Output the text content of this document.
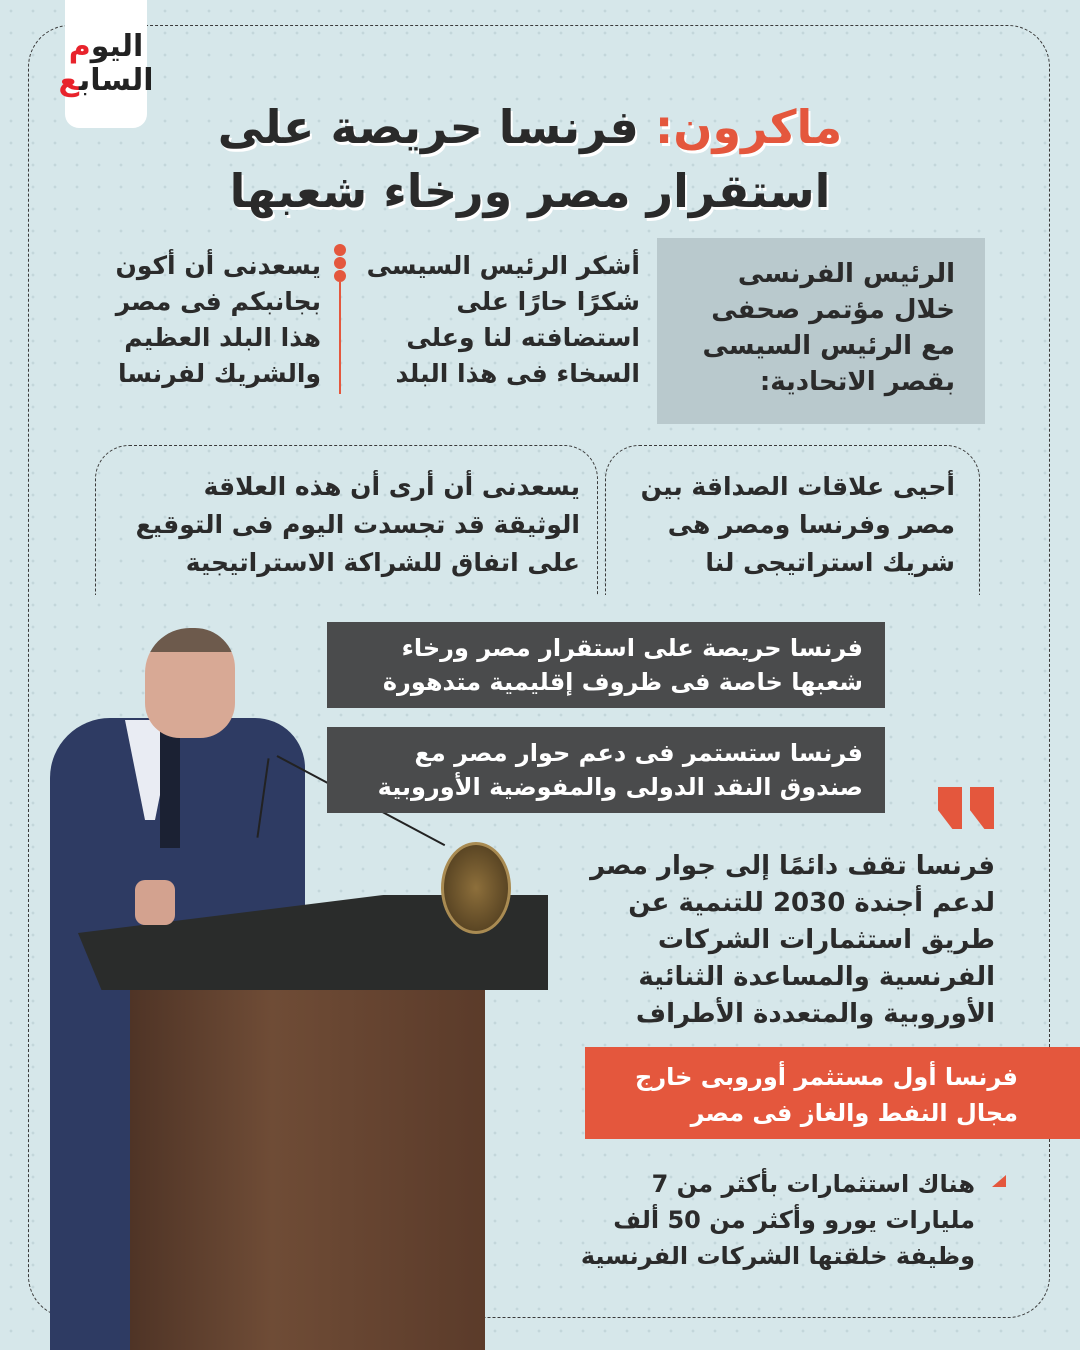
اليوم
السابع
ماكرون: فرنسا حريصة على
استقرار مصر ورخاء شعبها

الرئيس الفرنسى خلال مؤتمر صحفى مع الرئيس السيسى بقصر الاتحادية:

أشكر الرئيس السيسى شكرًا حارًا على استضافته لنا وعلى السخاء فى هذا البلد

يسعدنى أن أكون بجانبكم فى مصر هذا البلد العظيم والشريك لفرنسا

أحيى علاقات الصداقة بين مصر وفرنسا ومصر هى شريك استراتيجى لنا

يسعدنى أن أرى أن هذه العلاقة الوثيقة قد تجسدت اليوم فى التوقيع على اتفاق للشراكة الاستراتيجية

فرنسا حريصة على استقرار مصر ورخاء شعبها خاصة فى ظروف إقليمية متدهورة

فرنسا ستستمر فى دعم حوار مصر مع صندوق النقد الدولى والمفوضية الأوروبية

فرنسا تقف دائمًا إلى جوار مصر لدعم أجندة 2030 للتنمية عن طريق استثمارات الشركات الفرنسية والمساعدة الثنائية الأوروبية والمتعددة الأطراف

فرنسا أول مستثمر أوروبى خارج مجال النفط والغاز فى مصر

هناك استثمارات بأكثر من 7 مليارات يورو وأكثر من 50 ألف وظيفة خلقتها الشركات الفرنسية
